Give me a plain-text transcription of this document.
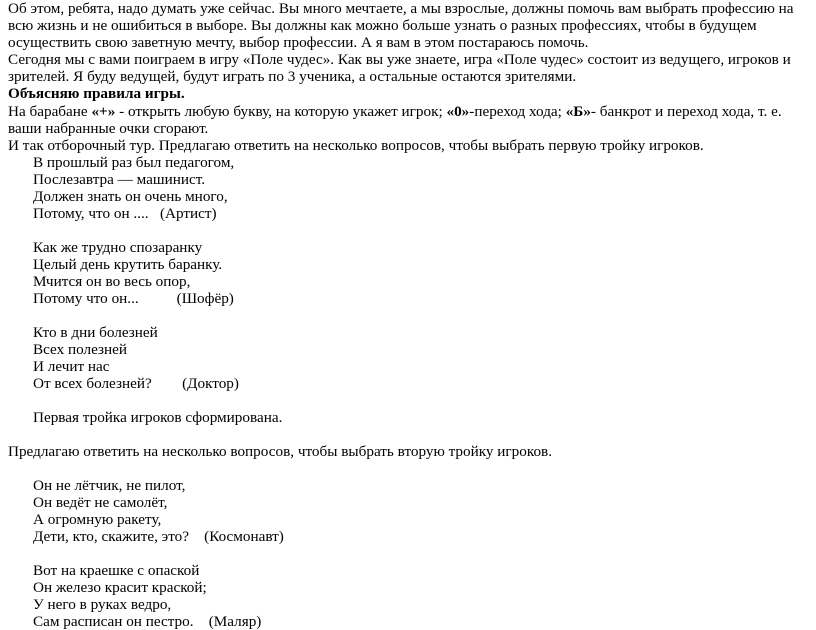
Об этом, ребята, надо думать уже сейчас. Вы много мечтаете, а мы взрослые, должны помочь вам выбрать профессию на всю жизнь и не ошибиться в выборе. Вы должны как можно больше узнать о разных профессиях, чтобы в будущем осуществить свою заветную мечту, выбор профессии. А я вам в этом постараюсь помочь.

Сегодня мы с вами поиграем в игру «Поле чудес». Как вы уже знаете, игра «Поле чудес» состоит из ведущего, игроков и зрителей. Я буду ведущей, будут играть по 3 ученика, а остальные остаются зрителями.

Объясняю правила игры.

На барабане «+» - открыть любую букву, на которую укажет игрок; «0»-переход хода; «Б»- банкрот и переход хода, т. е. ваши набранные очки сгорают.

И так отборочный тур. Предлагаю ответить на несколько вопросов, чтобы выбрать первую тройку игроков.

В прошлый раз был педагогом,

Послезавтра — машинист.

Должен знать он очень много,

Потому, что он ....   (Артист)

Как же трудно спозаранку

Целый день крутить баранку.

Мчится он во весь опор,

Потому что он...          (Шофёр)

Кто в дни болезней

Всех полезней

И лечит нас

От всех болезней?        (Доктор)

Первая тройка игроков сформирована.

Предлагаю ответить на несколько вопросов, чтобы выбрать вторую тройку игроков.

Он не лётчик, не пилот,

Он ведёт не самолёт,

А огромную ракету,

Дети, кто, скажите, это?    (Космонавт)

Вот на краешке с опаской

Он железо красит краской;

У него в руках ведро,

Сам расписан он пестро.    (Маляр)
